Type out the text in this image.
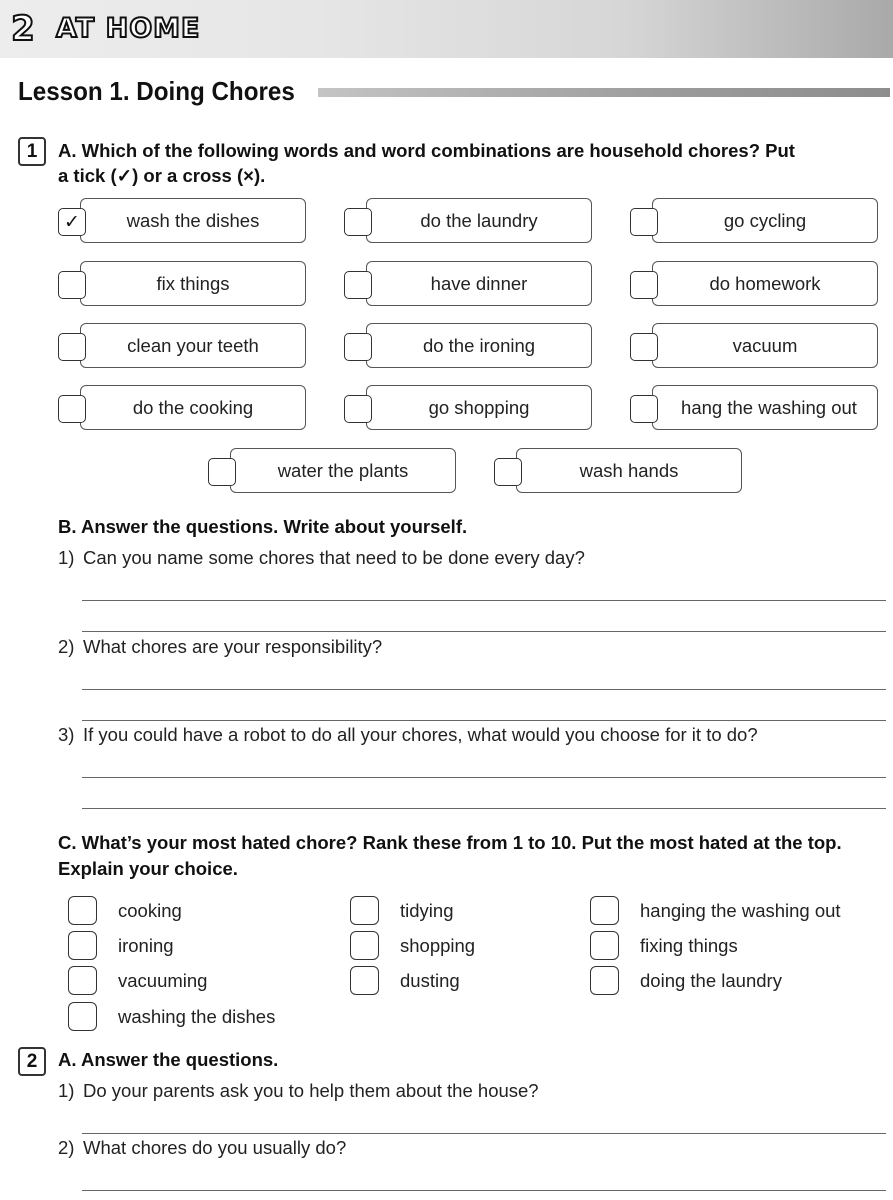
2 AT HOME
Lesson 1. Doing Chores
1	A. Which of the following words and word combinations are household chores? Put
a tick (✓) or a cross (×).
wash the dishes
✓	do the laundry	go cycling
fix things	have dinner	do homework
clean your teeth	do the ironing	vacuum
do the cooking	go shopping	hang the washing out
water the plants	wash hands
B. Answer the questions. Write about yourself.
1) Can you name some chores that need to be done every day?
2) What chores are your responsibility?
3) If you could have a robot to do all your chores, what would you choose for it to do?
C. What’s your most hated chore? Rank these from 1 to 10. Put the most hated at the top.
Explain your choice.
cooking
ironing
vacuuming
washing the dishes
tidying
shopping
dusting
hanging the washing out
fixing things
doing the laundry
2	A. Answer the questions.
1) Do your parents ask you to help them about the house?
2) What chores do you usually do?
